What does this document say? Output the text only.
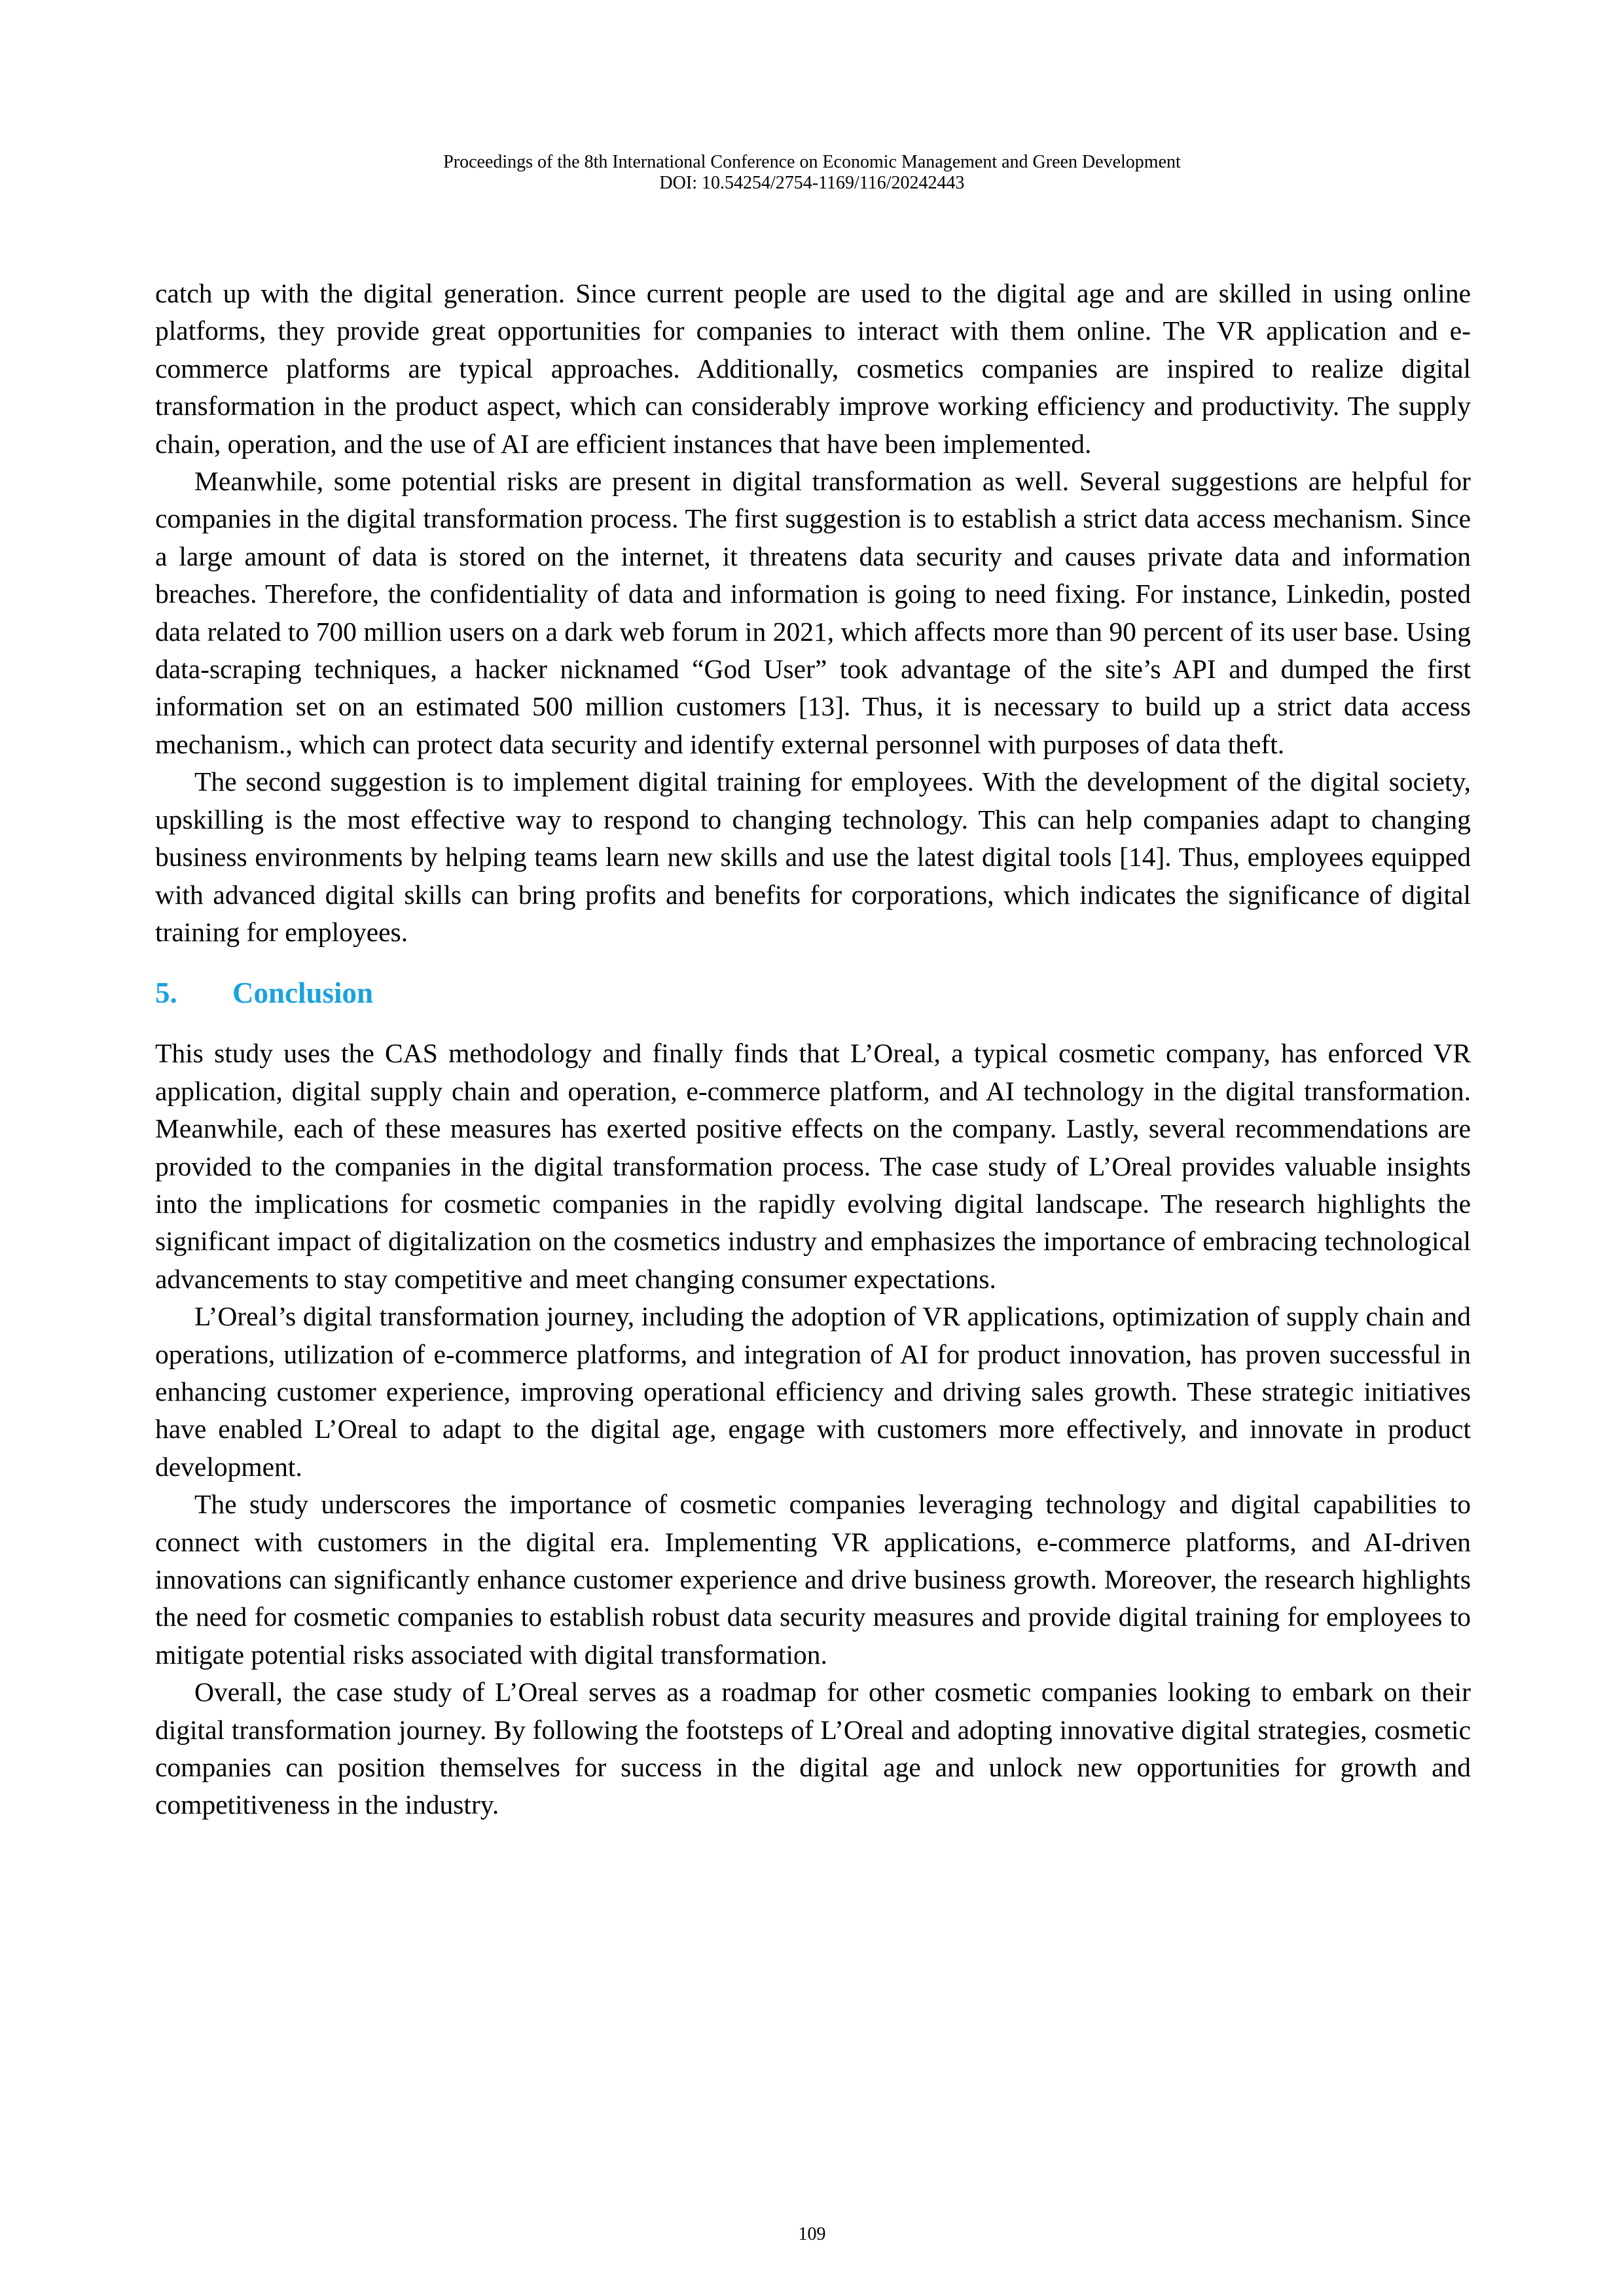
Proceedings of the 8th International Conference on Economic Management and Green Development
DOI: 10.54254/2754-1169/116/20242443

catch up with the digital generation. Since current people are used to the digital age and are skilled in using online platforms, they provide great opportunities for companies to interact with them online. The VR application and e-commerce platforms are typical approaches. Additionally, cosmetics companies are inspired to realize digital transformation in the product aspect, which can considerably improve working efficiency and productivity. The supply chain, operation, and the use of AI are efficient instances that have been implemented.

Meanwhile, some potential risks are present in digital transformation as well. Several suggestions are helpful for companies in the digital transformation process. The first suggestion is to establish a strict data access mechanism. Since a large amount of data is stored on the internet, it threatens data security and causes private data and information breaches. Therefore, the confidentiality of data and information is going to need fixing. For instance, Linkedin, posted data related to 700 million users on a dark web forum in 2021, which affects more than 90 percent of its user base. Using data-scraping techniques, a hacker nicknamed “God User” took advantage of the site’s API and dumped the first information set on an estimated 500 million customers [13]. Thus, it is necessary to build up a strict data access mechanism., which can protect data security and identify external personnel with purposes of data theft.

The second suggestion is to implement digital training for employees. With the development of the digital society, upskilling is the most effective way to respond to changing technology. This can help companies adapt to changing business environments by helping teams learn new skills and use the latest digital tools [14]. Thus, employees equipped with advanced digital skills can bring profits and benefits for corporations, which indicates the significance of digital training for employees.

5. Conclusion

This study uses the CAS methodology and finally finds that L’Oreal, a typical cosmetic company, has enforced VR application, digital supply chain and operation, e-commerce platform, and AI technology in the digital transformation. Meanwhile, each of these measures has exerted positive effects on the company. Lastly, several recommendations are provided to the companies in the digital transformation process. The case study of L’Oreal provides valuable insights into the implications for cosmetic companies in the rapidly evolving digital landscape. The research highlights the significant impact of digitalization on the cosmetics industry and emphasizes the importance of embracing technological advancements to stay competitive and meet changing consumer expectations.

L’Oreal’s digital transformation journey, including the adoption of VR applications, optimization of supply chain and operations, utilization of e-commerce platforms, and integration of AI for product innovation, has proven successful in enhancing customer experience, improving operational efficiency and driving sales growth. These strategic initiatives have enabled L’Oreal to adapt to the digital age, engage with customers more effectively, and innovate in product development.

The study underscores the importance of cosmetic companies leveraging technology and digital capabilities to connect with customers in the digital era. Implementing VR applications, e-commerce platforms, and AI-driven innovations can significantly enhance customer experience and drive business growth. Moreover, the research highlights the need for cosmetic companies to establish robust data security measures and provide digital training for employees to mitigate potential risks associated with digital transformation.

Overall, the case study of L’Oreal serves as a roadmap for other cosmetic companies looking to embark on their digital transformation journey. By following the footsteps of L’Oreal and adopting innovative digital strategies, cosmetic companies can position themselves for success in the digital age and unlock new opportunities for growth and competitiveness in the industry.

109
